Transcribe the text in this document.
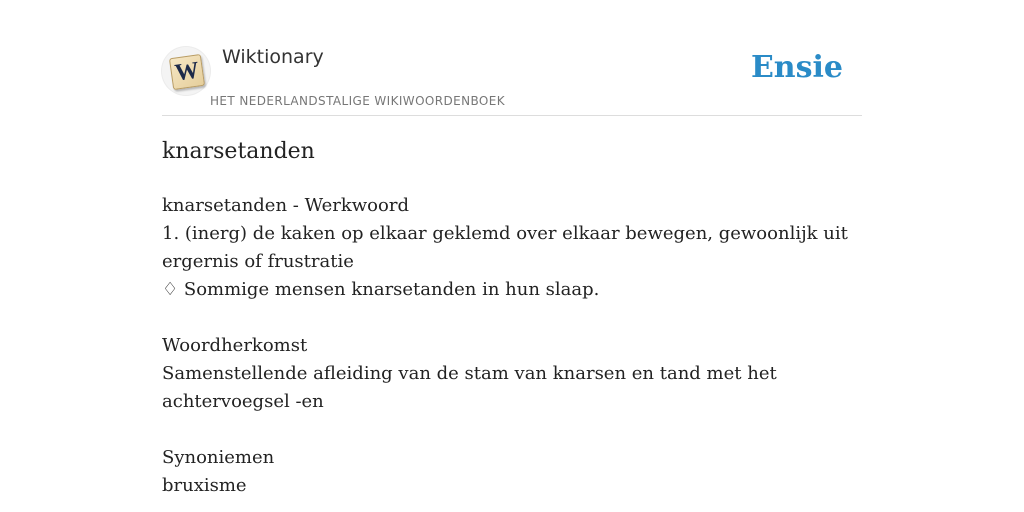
W
Wiktionary
HET NEDERLANDSTALIGE WIKIWOORDENBOEK
Ensie
knarsetanden

knarsetanden - Werkwoord

1. (inerg) de kaken op elkaar geklemd over elkaar bewegen, gewoonlijk uit ergernis of frustratie

♢ Sommige mensen knarsetanden in hun slaap.

Woordherkomst

Samenstellende afleiding van de stam van knarsen en tand met het achtervoegsel -en

Synoniemen

bruxisme
